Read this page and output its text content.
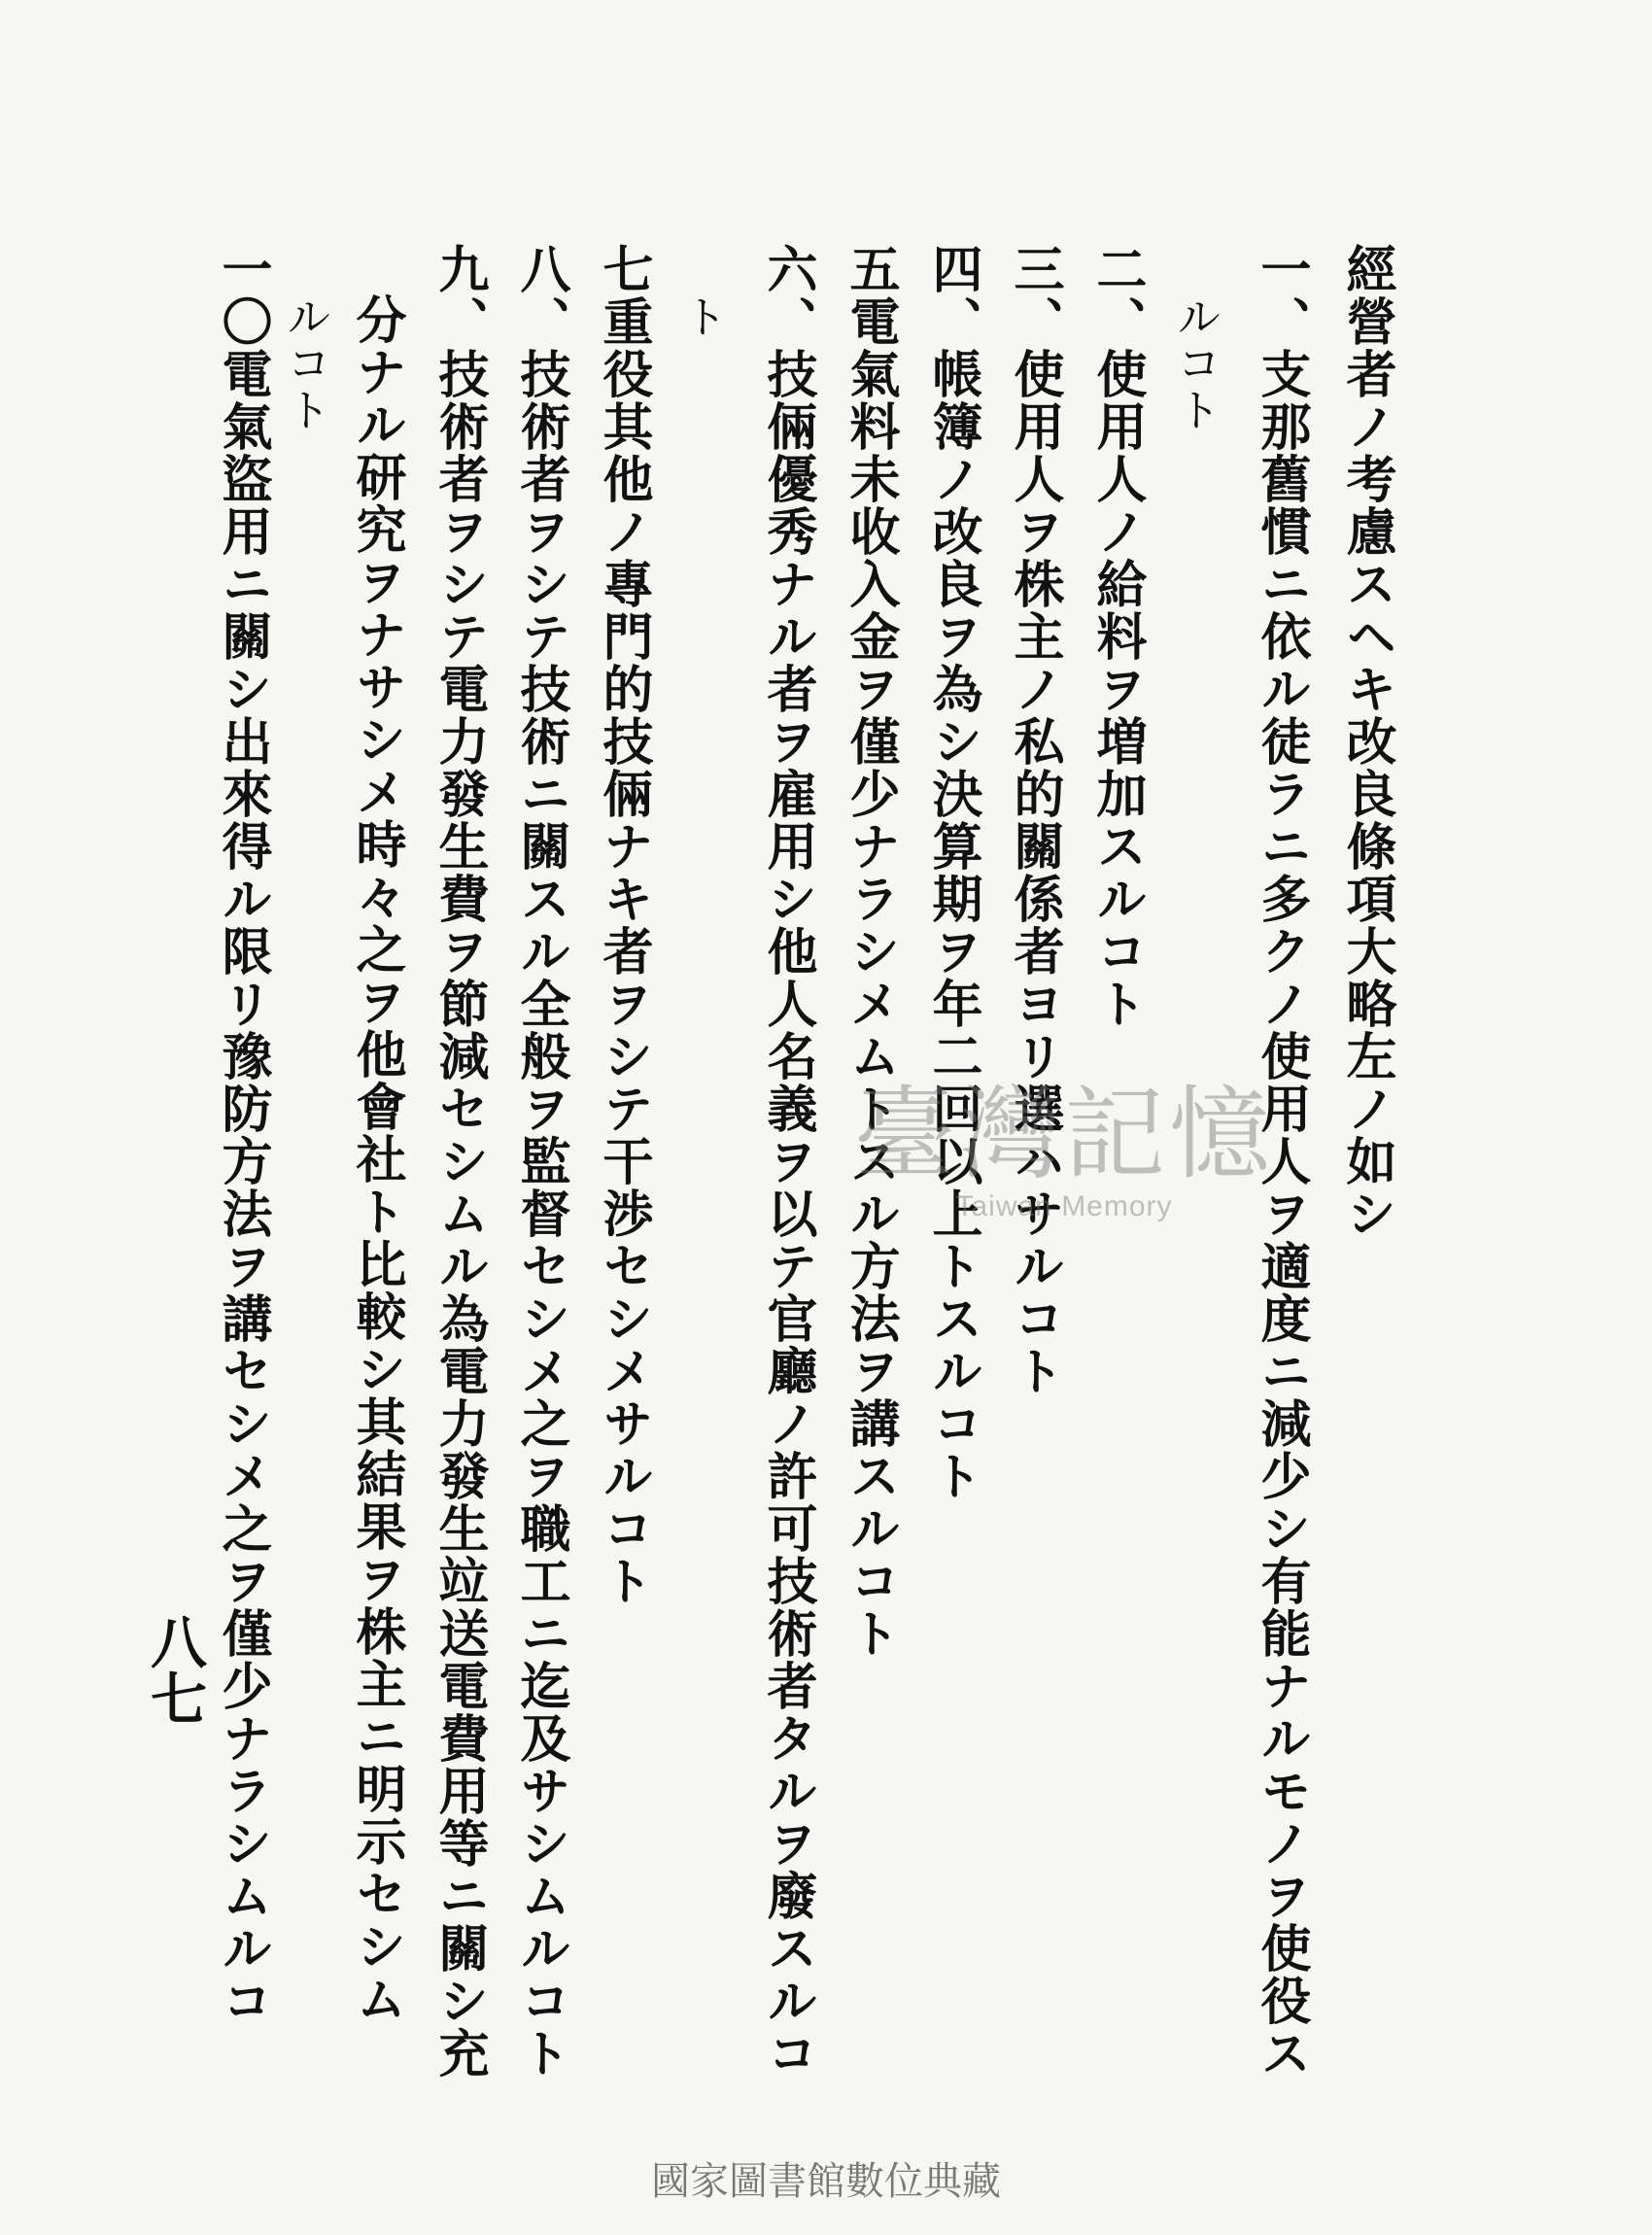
經營者ノ考慮スヘキ改良條項大略左ノ如シ
一、支那舊慣ニ依ル徒ラニ多クノ使用人ヲ適度ニ減少シ有能ナルモノヲ使役ス
ルコト
二、使用人ノ給料ヲ増加スルコト
三、使用人ヲ株主ノ私的關係者ヨリ選ハサルコト
四、帳簿ノ改良ヲ為シ決算期ヲ年二回以上トスルコト
五電氣料未收入金ヲ僅少ナラシメムトスル方法ヲ講スルコト
六、技倆優秀ナル者ヲ雇用シ他人名義ヲ以テ官廳ノ許可技術者タルヲ廢スルコ
ト
七重役其他ノ專門的技倆ナキ者ヲシテ干渉セシメサルコト
八、技術者ヲシテ技術ニ關スル全般ヲ監督セシメ之ヲ職工ニ迄及サシムルコト
九、技術者ヲシテ電力發生費ヲ節減セシムル為電力發生竝送電費用等ニ關シ充
分ナル研究ヲナサシメ時々之ヲ他會社ト比較シ其結果ヲ株主ニ明示セシム
ルコト
一〇電氣盜用ニ關シ出來得ル限リ豫防方法ヲ講セシメ之ヲ僅少ナラシムルコ
八七
臺灣記憶
Taiwan Memory
國家圖書館數位典藏
